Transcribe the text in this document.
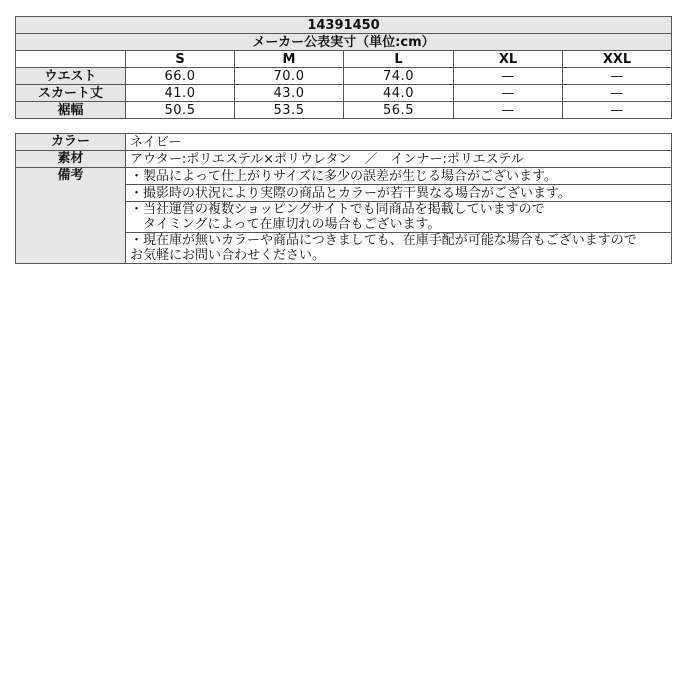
14391450					
メーカー公表実寸（単位:cm）					
	S	M	L	XL	XXL
ウエスト	66.0	70.0	74.0	—	—
スカート丈	41.0	43.0	44.0	—	—
裾幅	50.5	53.5	56.5	—	—
カラー	ネイビー
素材	アウター:ポリエステル×ポリウレタン　／　インナー:ポリエステル
備考	・製品によって仕上がりサイズに多少の誤差が生じる場合がございます。

	・撮影時の状況により実際の商品とカラーが若干異なる場合がございます。

	・当社運営の複数ショッピングサイトでも同商品を掲載していますので
　タイミングによって在庫切れの場合もございます。

	・現在庫が無いカラーや商品につきましても、在庫手配が可能な場合もございますので
お気軽にお問い合わせください。
